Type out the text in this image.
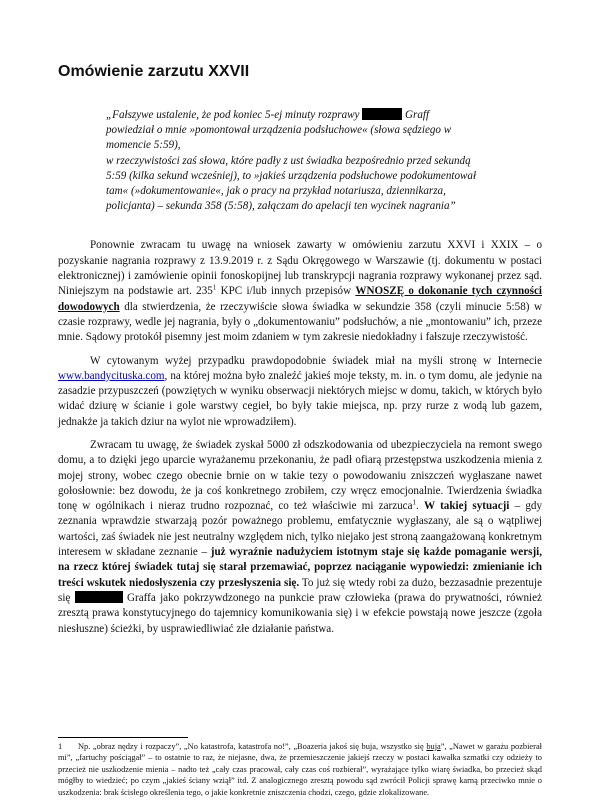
Omówienie zarzutu XXVII

„Fałszywe ustalenie, że pod koniec 5-ej minuty rozprawy	Graff powiedział o mnie »pomontował urządzenia podsłuchowe« (słowa sędziego w momencie 5:59),

w rzeczywistości zaś słowa, które padły z ust świadka bezpośrednio przed sekundą 5:59 (kilka sekund wcześniej), to »jakieś urządzenia podsłuchowe podokumentował tam« (»dokumentowanie«, jak o pracy na przykład notariusza, dziennikarza, policjanta) – sekunda 358 (5:58), załączam do apelacji ten wycinek nagrania”

Ponownie zwracam tu uwagę na wniosek zawarty w omówieniu zarzutu XXVI i XXIX – o pozyskanie nagrania rozprawy z 13.9.2019 r. z Sądu Okręgowego w Warszawie (tj. dokumentu w postaci elektronicznej) i zamówienie opinii fonoskopijnej lub transkrypcji nagrania rozprawy wykonanej przez sąd. Niniejszym na podstawie art. $235^1$ KPC i/lub innych przepisów WNOSZĘ o dokonanie tych czynności dowodowych dla stwierdzenia, że rzeczywiście słowa świadka w sekundzie 358 (czyli minucie 5:58) w czasie rozprawy, wedle jej nagrania, były o „dokumentowaniu” podsłuchów, a nie „montowaniu” ich, przeze mnie. Sądowy protokół pisemny jest moim zdaniem w tym zakresie niedokładny i fałszuje rzeczywistość.

W cytowanym wyżej przypadku prawdopodobnie świadek miał na myśli stronę w Internecie www.bandycituska.com, na której można było znaleźć jakieś moje teksty, m. in. o tym domu, ale jedynie na zasadzie przypuszczeń (powziętych w wyniku obserwacji niektórych miejsc w domu, takich, w których było widać dziurę w ścianie i gole warstwy cegieł, bo były takie miejsca, np. przy rurze z wodą lub gazem, jednakże ja takich dziur na wylot nie wprowadziłem).

Zwracam tu uwagę, że świadek zyskał 5000 zł odszkodowania od ubezpieczyciela na remont swego domu, a to dzięki jego uparcie wyrażanemu przekonaniu, że padł ofiarą przestępstwa uszkodzenia mienia z mojej strony, wobec czego obecnie brnie on w takie tezy o powodowaniu zniszczeń wygłaszane nawet gołosłownie: bez dowodu, że ja coś konkretnego zrobiłem, czy wręcz emocjonalnie. Twierdzenia świadka tonę w ogólnikach i nieraz trudno rozpoznać, co też właściwie mi zarzuca$^1$. W takiej sytuacji – gdy zeznania wprawdzie stwarzają pozór poważnego problemu, emfatycznie wygłaszany, ale są o wątpliwej wartości, zaś świadek nie jest neutralny względem nich, tylko niejako jest stroną zaangażowaną konkretnym interesem w składane zeznanie – już wyraźnie nadużyciem istotnym staje się każde pomaganie wersji, na rzecz której świadek tutaj się starał przemawiać, poprzez naciąganie wypowiedzi: zmienianie ich treści wskutek niedosłyszenia czy przesłyszenia się. To już się wtedy robi za dużo, bezzasadnie prezentuje się	Graffa jako pokrzywdzonego na punkcie praw człowieka (prawa do prywatności, również zresztą prawa konstytucyjnego do tajemnicy komunikowania się) i w efekcie powstają nowe jeszcze (zgoła niesłuszne) ścieżki, by usprawiedliwiać złe działanie państwa.

1 Np. „obraz nędzy i rozpaczy”, „No katastrofa, katastrofa no!”, „Boazeria jakoś się buja, wszystko się buja”, „Nawet w garażu pozbierał mi”, „fartuchy pościągał” – to ostatnie to raz, że niejasne, dwa, że przemieszczenie jakiejś rzeczy w postaci kawałka szmatki czy odzieży to przecież nie uszkodzenie mienia – nadto też „cały czas pracował, cały czas coś rozbierał”, wyrażające tylko wiarę świadka, bo przecież skąd mógłby to wiedzieć; po czym „jakieś ściany wziął” itd. Z analogicznego zresztą powodu sąd zwrócił Policji sprawę karną przeciwko mnie o uszkodzenia: brak ścisłego określenia tego, o jakie konkretnie zniszczenia chodzi, czego, gdzie zlokalizowane.
